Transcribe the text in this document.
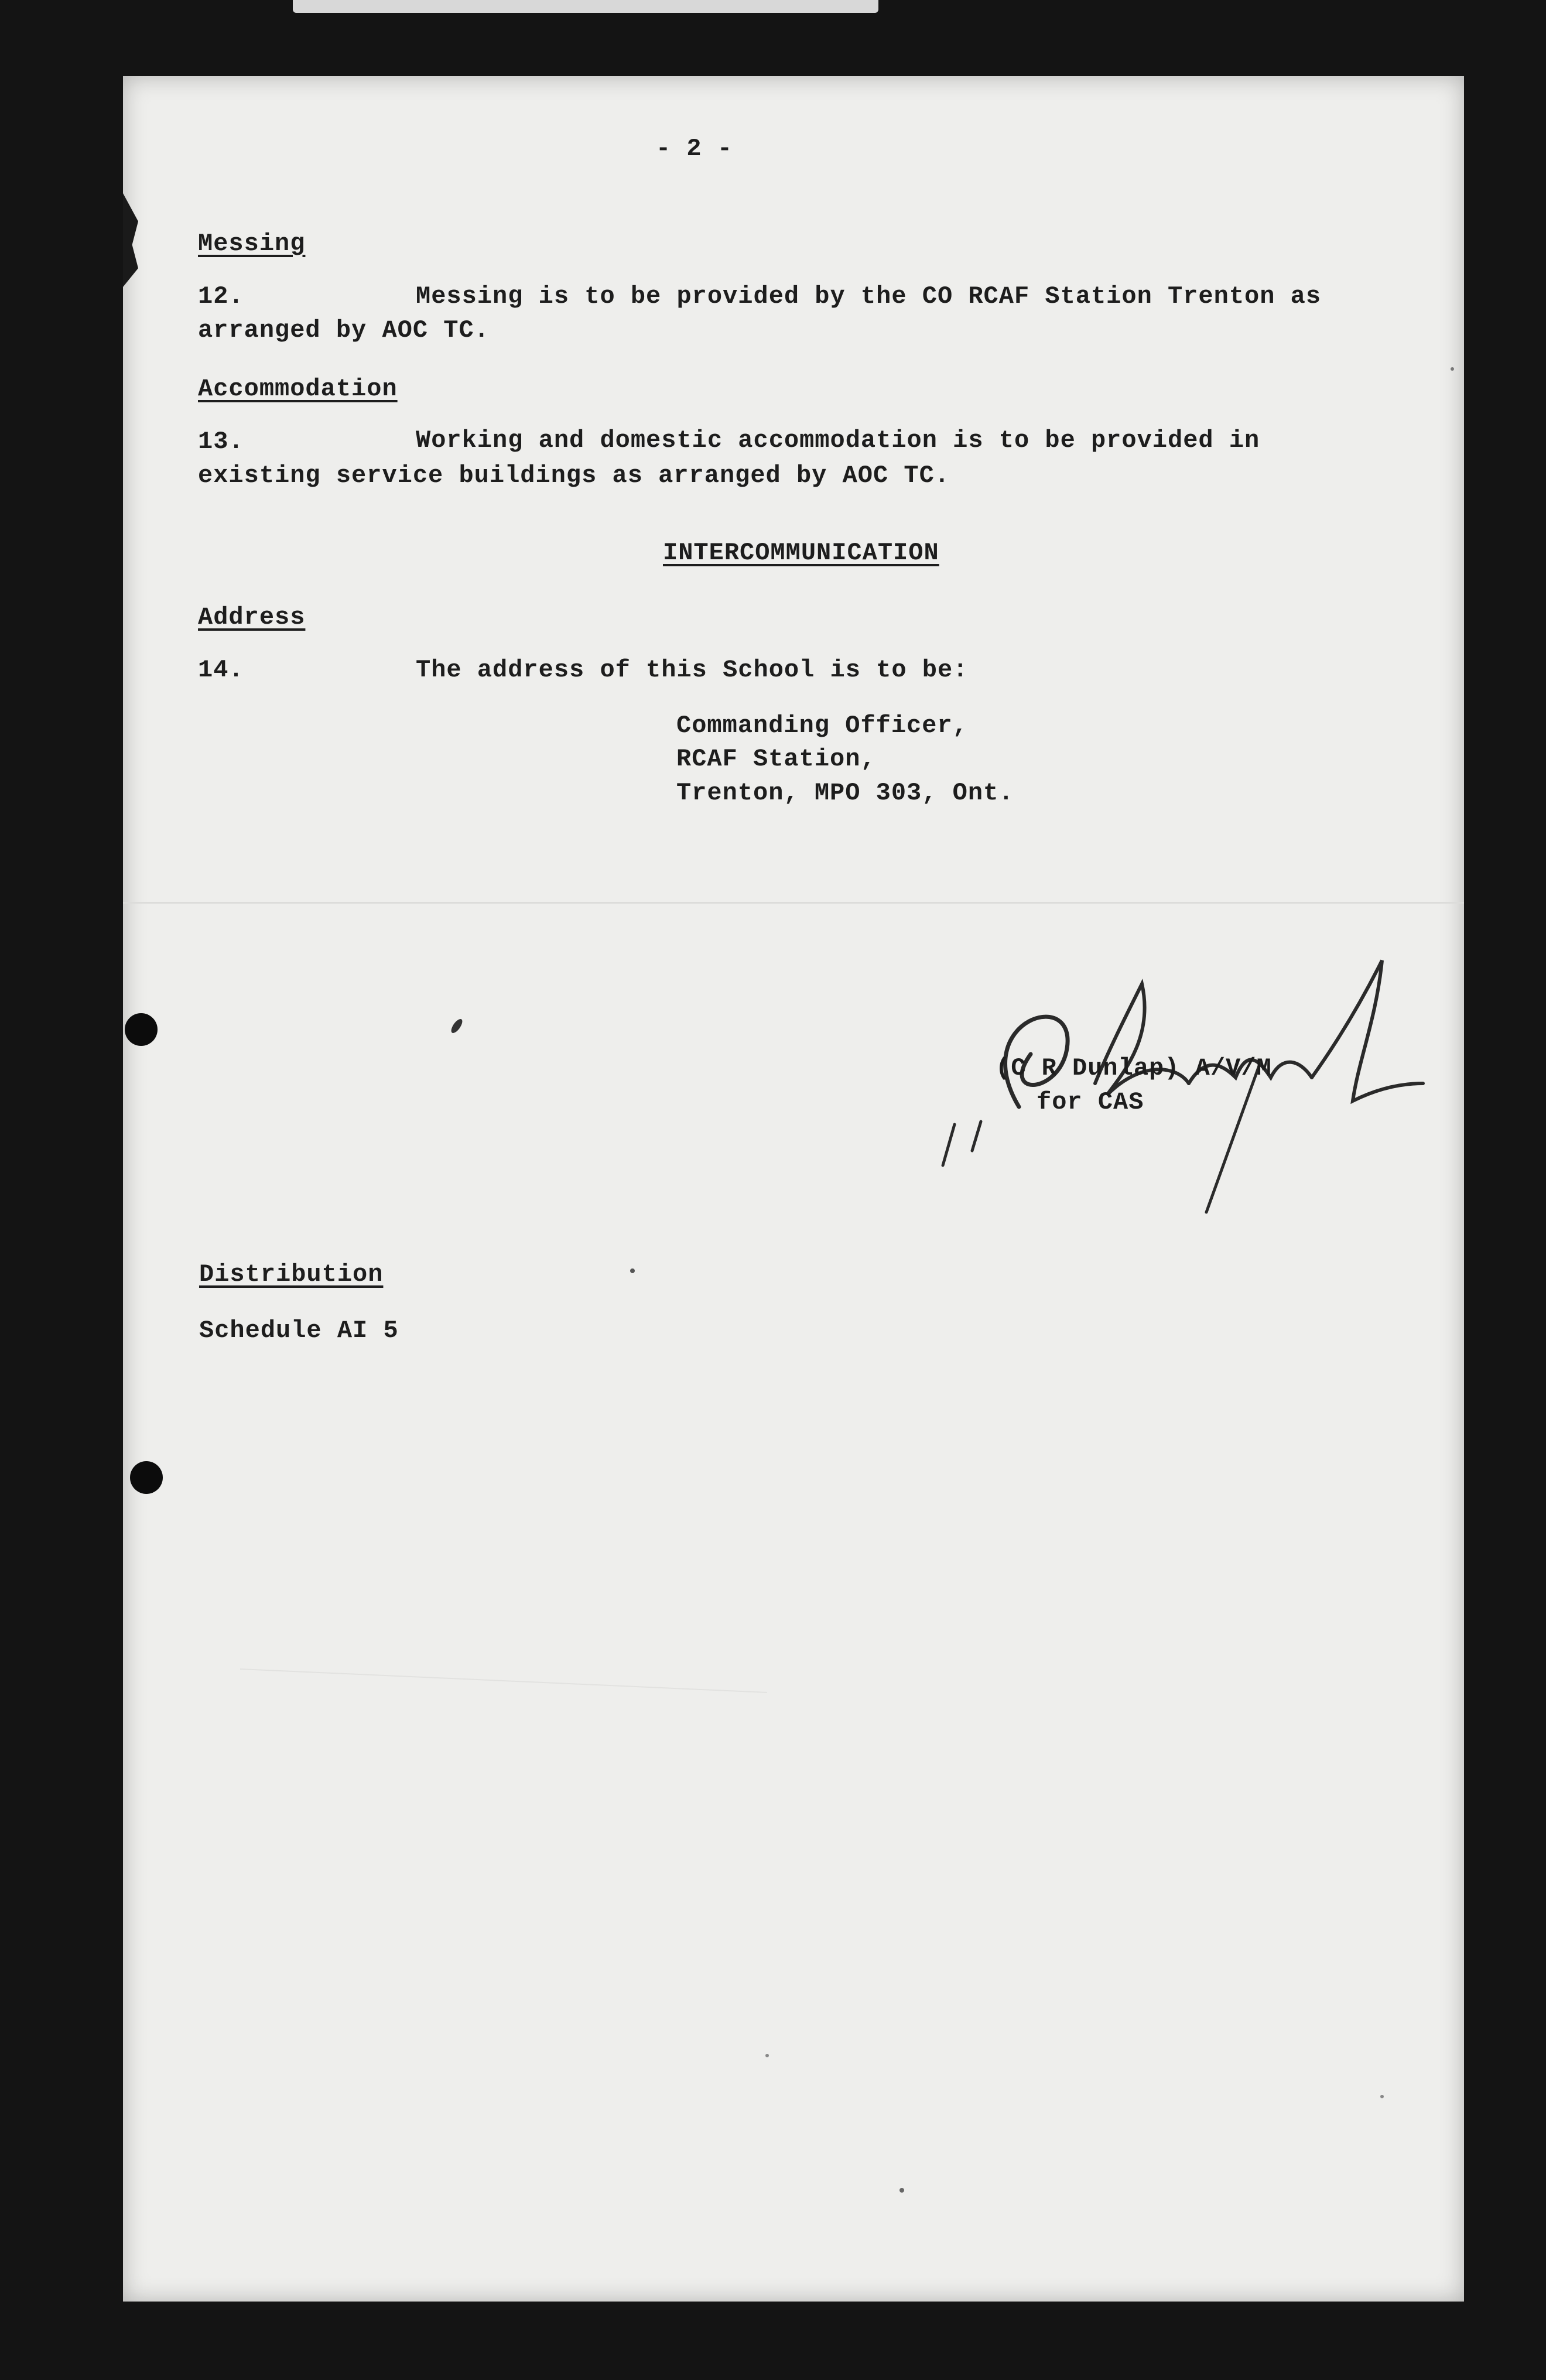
- 2 -
Messing
12.	Messing is to be provided by the CO RCAF Station Trenton as
arranged by AOC TC.
Accommodation
13.	Working and domestic accommodation is to be provided in
existing service buildings as arranged by AOC TC.
INTERCOMMUNICATION
Address
14.	The address of this School is to be:
Commanding Officer,
RCAF Station,
Trenton, MPO 303, Ont.
(C R Dunlap) A/V/M
for CAS
Distribution
Schedule AI 5
